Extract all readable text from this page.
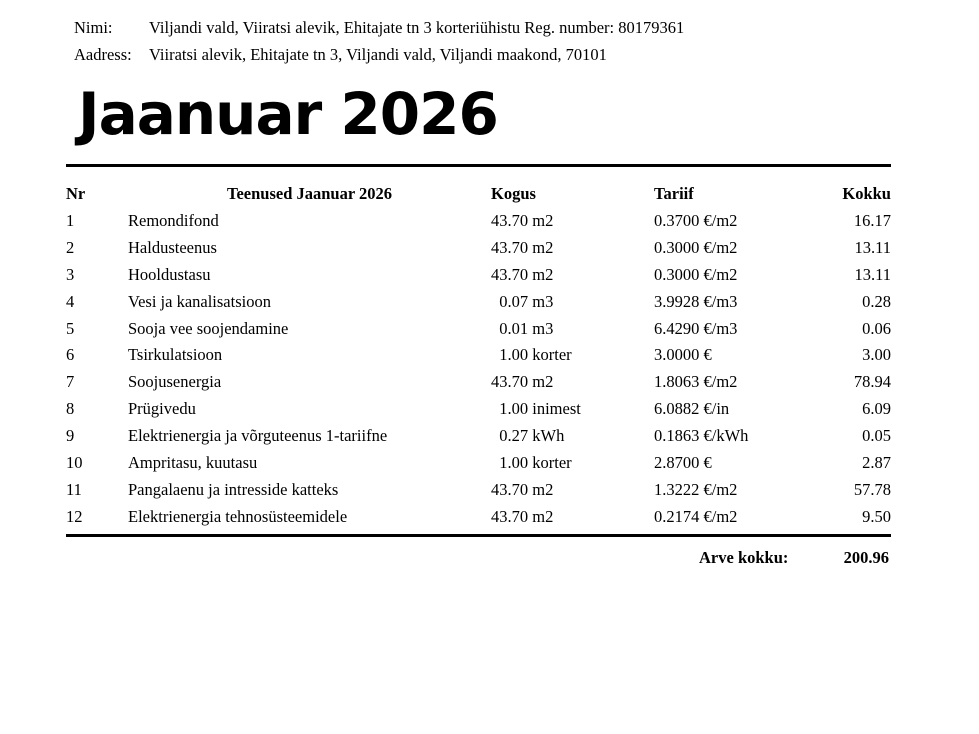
Nimi: Viljandi vald, Viiratsi alevik, Ehitajate tn 3 korteriühistu Reg. number: 80179361
Aadress: Viiratsi alevik, Ehitajate tn 3, Viljandi vald, Viljandi maakond, 70101
Jaanuar 2026
Nr	Teenused Jaanuar 2026	Kogus	Tariif	Kokku
1	Remondifond	43.70 m2	0.3700 €/m2	16.17
2	Haldusteenus	43.70 m2	0.3000 €/m2	13.11
3	Hooldustasu	43.70 m2	0.3000 €/m2	13.11
4	Vesi ja kanalisatsioon	0.07 m3	3.9928 €/m3	0.28
5	Sooja vee soojendamine	0.01 m3	6.4290 €/m3	0.06
6	Tsirkulatsioon	1.00 korter	3.0000 €	3.00
7	Soojusenergia	43.70 m2	1.8063 €/m2	78.94
8	Prügivedu	1.00 inimest	6.0882 €/in	6.09
9	Elektrienergia ja võrguteenus 1-tariifne	0.27 kWh	0.1863 €/kWh	0.05
10	Ampritasu, kuutasu	1.00 korter	2.8700 €	2.87
11	Pangalaenu ja intresside katteks	43.70 m2	1.3222 €/m2	57.78
12	Elektrienergia tehnosüsteemidele	43.70 m2	0.2174 €/m2	9.50
Arve kokku:	200.96
